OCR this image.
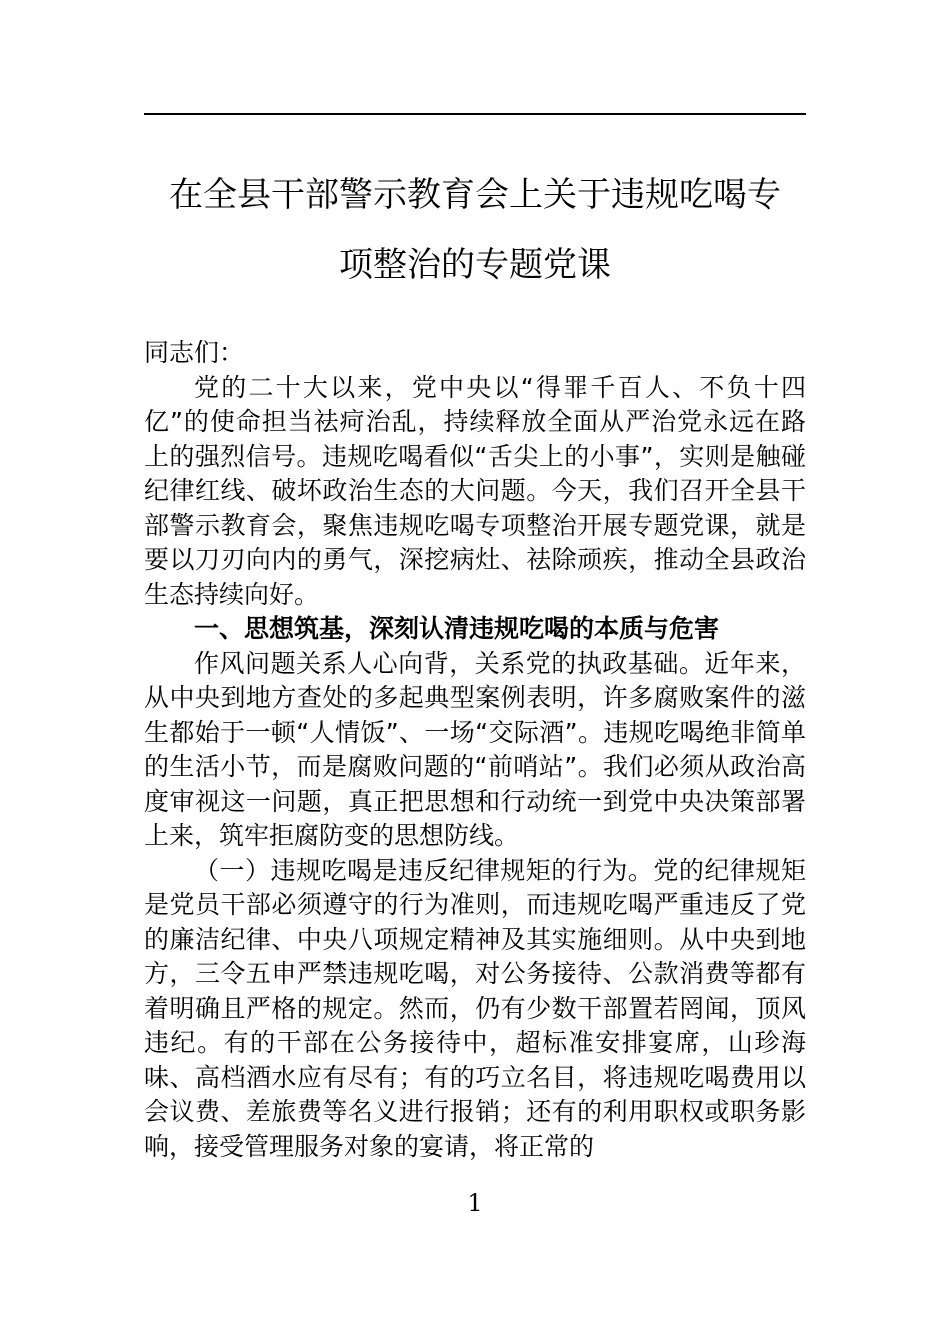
在全县干部警示教育会上关于违规吃喝专
项整治的专题党课

同志们：

党的二十大以来，党中央以“得罪千百人、不负十四亿”的使命担当祛疴治乱，持续释放全面从严治党永远在路上的强烈信号。违规吃喝看似“舌尖上的小事”，实则是触碰纪律红线、破坏政治生态的大问题。今天，我们召开全县干部警示教育会，聚焦违规吃喝专项整治开展专题党课，就是要以刀刃向内的勇气，深挖病灶、祛除顽疾，推动全县政治生态持续向好。

一、思想筑基，深刻认清违规吃喝的本质与危害

作风问题关系人心向背，关系党的执政基础。近年来，从中央到地方查处的多起典型案例表明，许多腐败案件的滋生都始于一顿“人情饭”、一场“交际酒”。违规吃喝绝非简单的生活小节，而是腐败问题的“前哨站”。我们必须从政治高度审视这一问题，真正把思想和行动统一到党中央决策部署上来，筑牢拒腐防变的思想防线。

（一）违规吃喝是违反纪律规矩的行为。党的纪律规矩是党员干部必须遵守的行为准则，而违规吃喝严重违反了党的廉洁纪律、中央八项规定精神及其实施细则。从中央到地方，三令五申严禁违规吃喝，对公务接待、公款消费等都有着明确且严格的规定。然而，仍有少数干部置若罔闻，顶风违纪。有的干部在公务接待中，超标准安排宴席，山珍海味、高档酒水应有尽有；有的巧立名目，将违规吃喝费用以会议费、差旅费等名义进行报销；还有的利用职权或职务影响，接受管理服务对象的宴请，将正常的

1
